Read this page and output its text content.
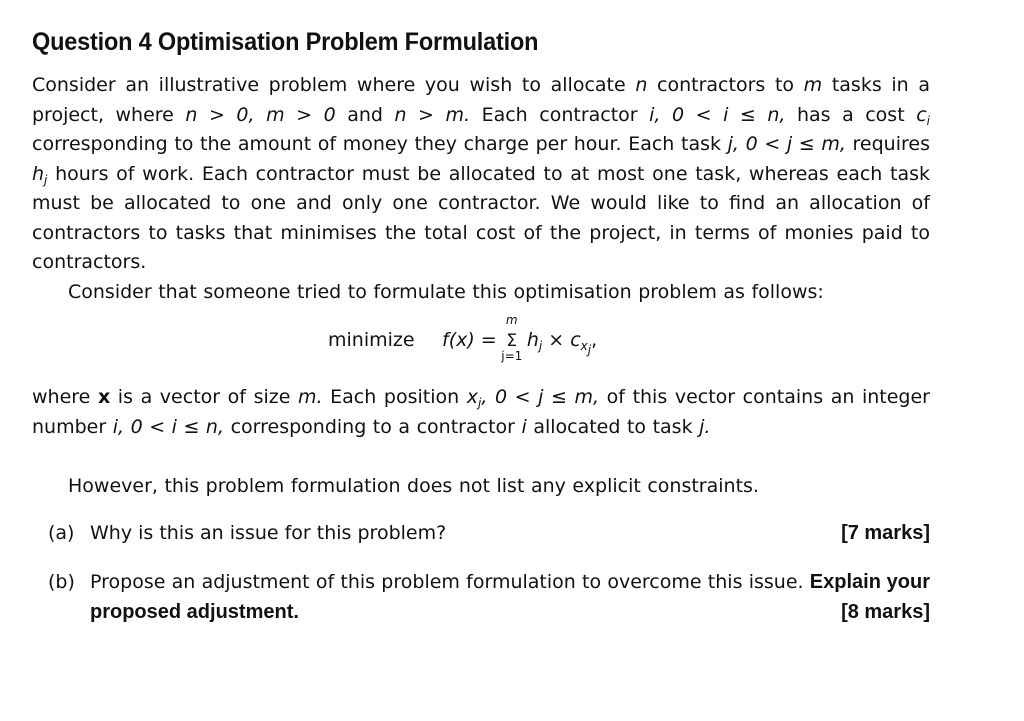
Question 4 Optimisation Problem Formulation

Consider an illustrative problem where you wish to allocate n contractors to m tasks in a project, where n > 0, m > 0 and n > m. Each contractor i, 0 < i ≤ n, has a cost $c_i$ corresponding to the amount of money they charge per hour. Each task j, 0 < j ≤ m, requires $h_j$ hours of work. Each contractor must be allocated to at most one task, whereas each task must be allocated to one and only one contractor. We would like to find an allocation of contractors to tasks that minimises the total cost of the project, in terms of monies paid to contractors.

Consider that someone tried to formulate this optimisation problem as follows:

minimize f(x) =
m
Σ
j=1
$h_j \times c_{x_j}$,

where x is a vector of size m. Each position $x_j$, 0 < j ≤ m, of this vector contains an integer number i, 0 < i ≤ n, corresponding to a contractor i allocated to task j.

However, this problem formulation does not list any explicit constraints.

(a) Why is this an issue for this problem?	[7 marks]
(b) Propose an adjustment of this problem formulation to overcome this issue. Explain your proposed adjustment.	[8 marks]
